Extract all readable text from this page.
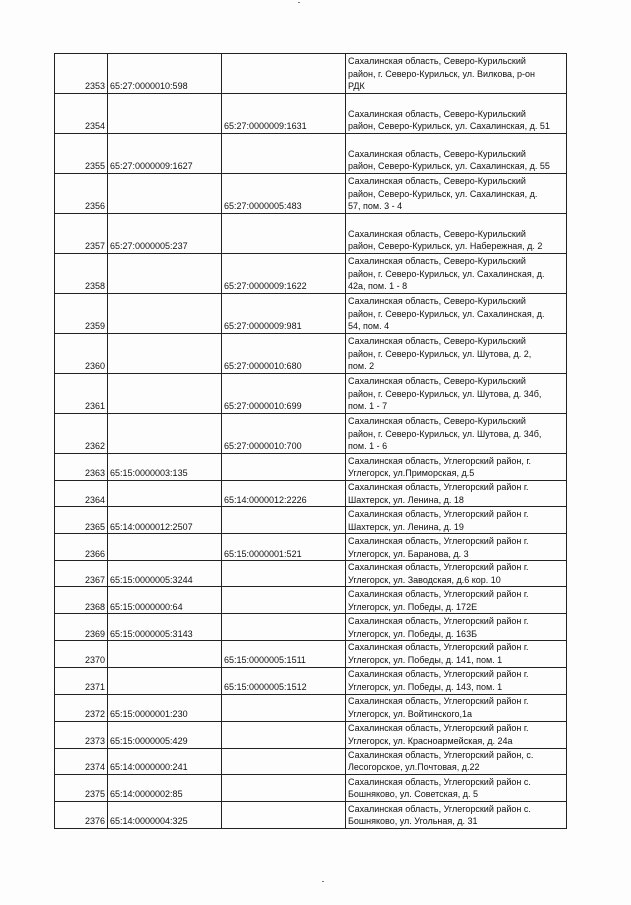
2353	65:27:0000010:598		Сахалинская область, Северо-Курильский
район, г. Северо-Курильск, ул. Вилкова, р-он
РДК

2354		65:27:0000009:1631	Сахалинская область, Северо-Курильский
район, Северо-Курильск, ул. Сахалинская, д. 51

2355	65:27:0000009:1627		Сахалинская область, Северо-Курильский
район, Северо-Курильск, ул. Сахалинская, д. 55

2356		65:27:0000005:483	Сахалинская область, Северо-Курильский
район, Северо-Курильск, ул. Сахалинская, д.
57, пом. 3 - 4

2357	65:27:0000005:237		Сахалинская область, Северо-Курильский
район, Северо-Курильск, ул. Набережная, д. 2

2358		65:27:0000009:1622	Сахалинская область, Северо-Курильский
район, г. Северо-Курильск, ул. Сахалинская, д.
42а, пом. 1 - 8

2359		65:27:0000009:981	Сахалинская область, Северо-Курильский
район, г. Северо-Курильск, ул. Сахалинская, д.
54, пом. 4

2360		65:27:0000010:680	Сахалинская область, Северо-Курильский
район, г. Северо-Курильск, ул. Шутова, д. 2,
пом. 2

2361		65:27:0000010:699	Сахалинская область, Северо-Курильский
район, г. Северо-Курильск, ул. Шутова, д. 34б,
пом. 1 - 7

2362		65:27:0000010:700	Сахалинская область, Северо-Курильский
район, г. Северо-Курильск, ул. Шутова, д. 34б,
пом. 1 - 6

2363	65:15:0000003:135		Сахалинская область, Углегорский район, г.
Углегорск, ул.Приморская, д.5

2364		65:14:0000012:2226	Сахалинская область, Углегорский район г.
Шахтерск, ул. Ленина, д. 18

2365	65:14:0000012:2507		Сахалинская область, Углегорский район г.
Шахтерск, ул. Ленина, д. 19

2366		65:15:0000001:521	Сахалинская область, Углегорский район г.
Углегорск, ул. Баранова, д. 3

2367	65:15:0000005:3244		Сахалинская область, Углегорский район г.
Углегорск, ул. Заводская, д.6 кор. 10

2368	65:15:0000000:64		Сахалинская область, Углегорский район г.
Углегорск, ул. Победы, д. 172Е

2369	65:15:0000005:3143		Сахалинская область, Углегорский район г.
Углегорск, ул. Победы, д. 163Б

2370		65:15:0000005:1511	Сахалинская область, Углегорский район г.
Углегорск, ул. Победы, д. 141, пом. 1

2371		65:15:0000005:1512	Сахалинская область, Углегорский район г.
Углегорск, ул. Победы, д. 143, пом. 1

2372	65:15:0000001:230		Сахалинская область, Углегорский район г.
Углегорск, ул. Войтинского,1а

2373	65:15:0000005:429		Сахалинская область, Углегорский район г.
Углегорск, ул. Красноармейская, д. 24а

2374	65:14:0000000:241		Сахалинская область, Углегорский район, с.
Лесогорское, ул.Почтовая, д.22

2375	65:14:0000002:85		Сахалинская область, Углегорский район с.
Бошняково, ул. Советская, д. 5

2376	65:14:0000004:325		Сахалинская область, Углегорский район с.
Бошняково, ул. Угольная, д. 31
